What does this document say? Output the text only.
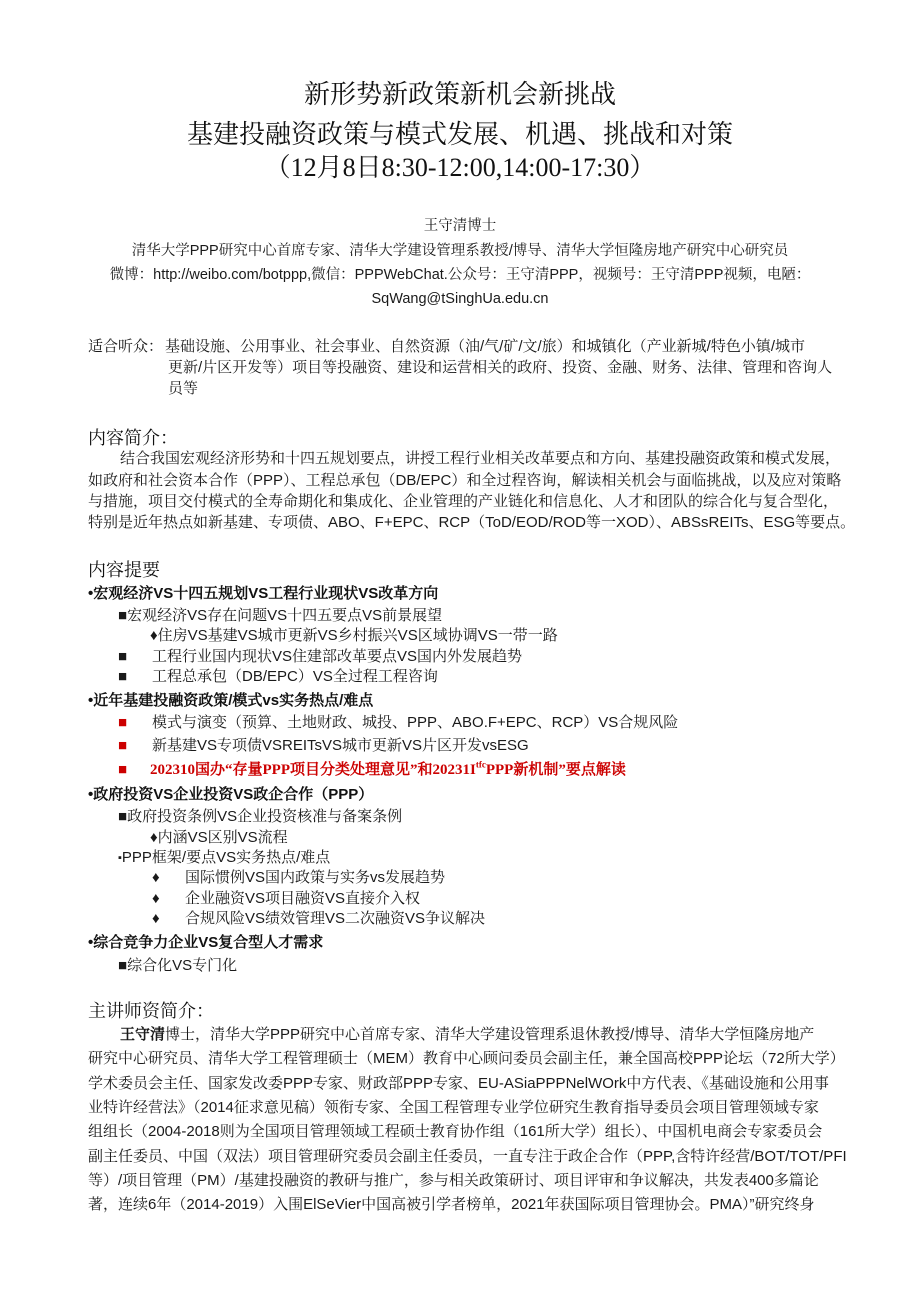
新形势新政策新机会新挑战
基建投融资政策与模式发展、机遇、挑战和对策
（12月8日8:30-12:00,14:00-17:30）
王守清博士
清华大学PPP研究中心首席专家、清华大学建设管理系教授/博导、清华大学恒隆房地产研究中心研究员
微博：http://weibo.com/botppp,微信：PPPWebChat.公众号：王守清PPP，视频号：王守清PPP视频，电陋：
SqWang@tSinghUa.edu.cn
适合听众： 基础设施、公用事业、社会事业、自然资源（油/气/矿/文/旅）和城镇化（产业新城/特色小镇/城市
更新/片区开发等）项目等投融资、建设和运营相关的政府、投资、金融、财务、法律、管理和咨询人
员等
内容简介：
结合我国宏观经济形势和十四五规划要点，讲授工程行业相关改革要点和方向、基建投融资政策和模式发展，
如政府和社会资本合作（PPP）、工程总承包（DB/EPC）和全过程咨询，解读相关机会与面临挑战，以及应对策略
与措施，项目交付模式的全寿命期化和集成化、企业管理的产业链化和信息化、人才和团队的综合化与复合型化，
特别是近年热点如新基建、专项债、ABO、F+EPC、RCP（ToD/EOD/ROD等一XOD）、ABSsREITs、ESG等要点。
内容提要
•宏观经济VS十四五规划VS工程行业现状VS改革方向
■宏观经济VS存在问题VS十四五要点VS前景展望
♦住房VS基建VS城市更新VS乡村振兴VS区域协调VS一带一路
■ 工程行业国内现状VS住建部改革要点VS国内外发展趋势
■ 工程总承包（DB/EPC）VS全过程工程咨询
•近年基建投融资政策/模式vs实务热点/难点
■ 模式与演变（预算、土地财政、城投、PPP、ABO.F+EPC、RCP）VS合规风险
■ 新基建VS专项债VSREITsVS城市更新VS片区开发vsESG
■ 202310国办“存量PPP项目分类处理意见”和$20231I^{tfc}PPP$新机制”要点解读
•政府投资VS企业投资VS政企合作（PPP）
■政府投资条例VS企业投资核准与备案条例
♦内涵VS区别VS流程
▪PPP框架/要点VS实务热点/难点
♦ 国际惯例VS国内政策与实务vs发展趋势
♦ 企业融资VS项目融资VS直接介入权
♦ 合规风险VS绩效管理VS二次融资VS争议解决
•综合竞争力企业VS复合型人才需求
■综合化VS专门化
主讲师资简介：
王守清博士，清华大学PPP研究中心首席专家、清华大学建设管理系退休教授/博导、清华大学恒隆房地产
研究中心研究员、清华大学工程管理硕士（MEM）教育中心顾问委员会副主任，兼全国高校PPP论坛（72所大学）
学术委员会主任、国家发改委PPP专家、财政部PPP专家、EU-ASiaPPPNelWOrk中方代表、《基础设施和公用事
业特许经营法》（2014征求意见稿）领衔专家、全国工程管理专业学位研究生教育指导委员会项目管理领域专家
组组长（2004-2018则为全国项目管理领域工程硕士教育协作组（161所大学）组长）、中国机电商会专家委员会
副主任委员、中国（双法）项目管理研究委员会副主任委员，一直专注于政企合作（PPP,含特许经营/BOT/TOT/PFI
等）/项目管理（PM）/基建投融资的教研与推广，参与相关政策研讨、项目评审和争议解决，共发表400多篇论
著，连续6年（2014-2019）入围ElSeVier中国高被引学者榜单，2021年获国际项目管理协会。PMA）”研究终身
